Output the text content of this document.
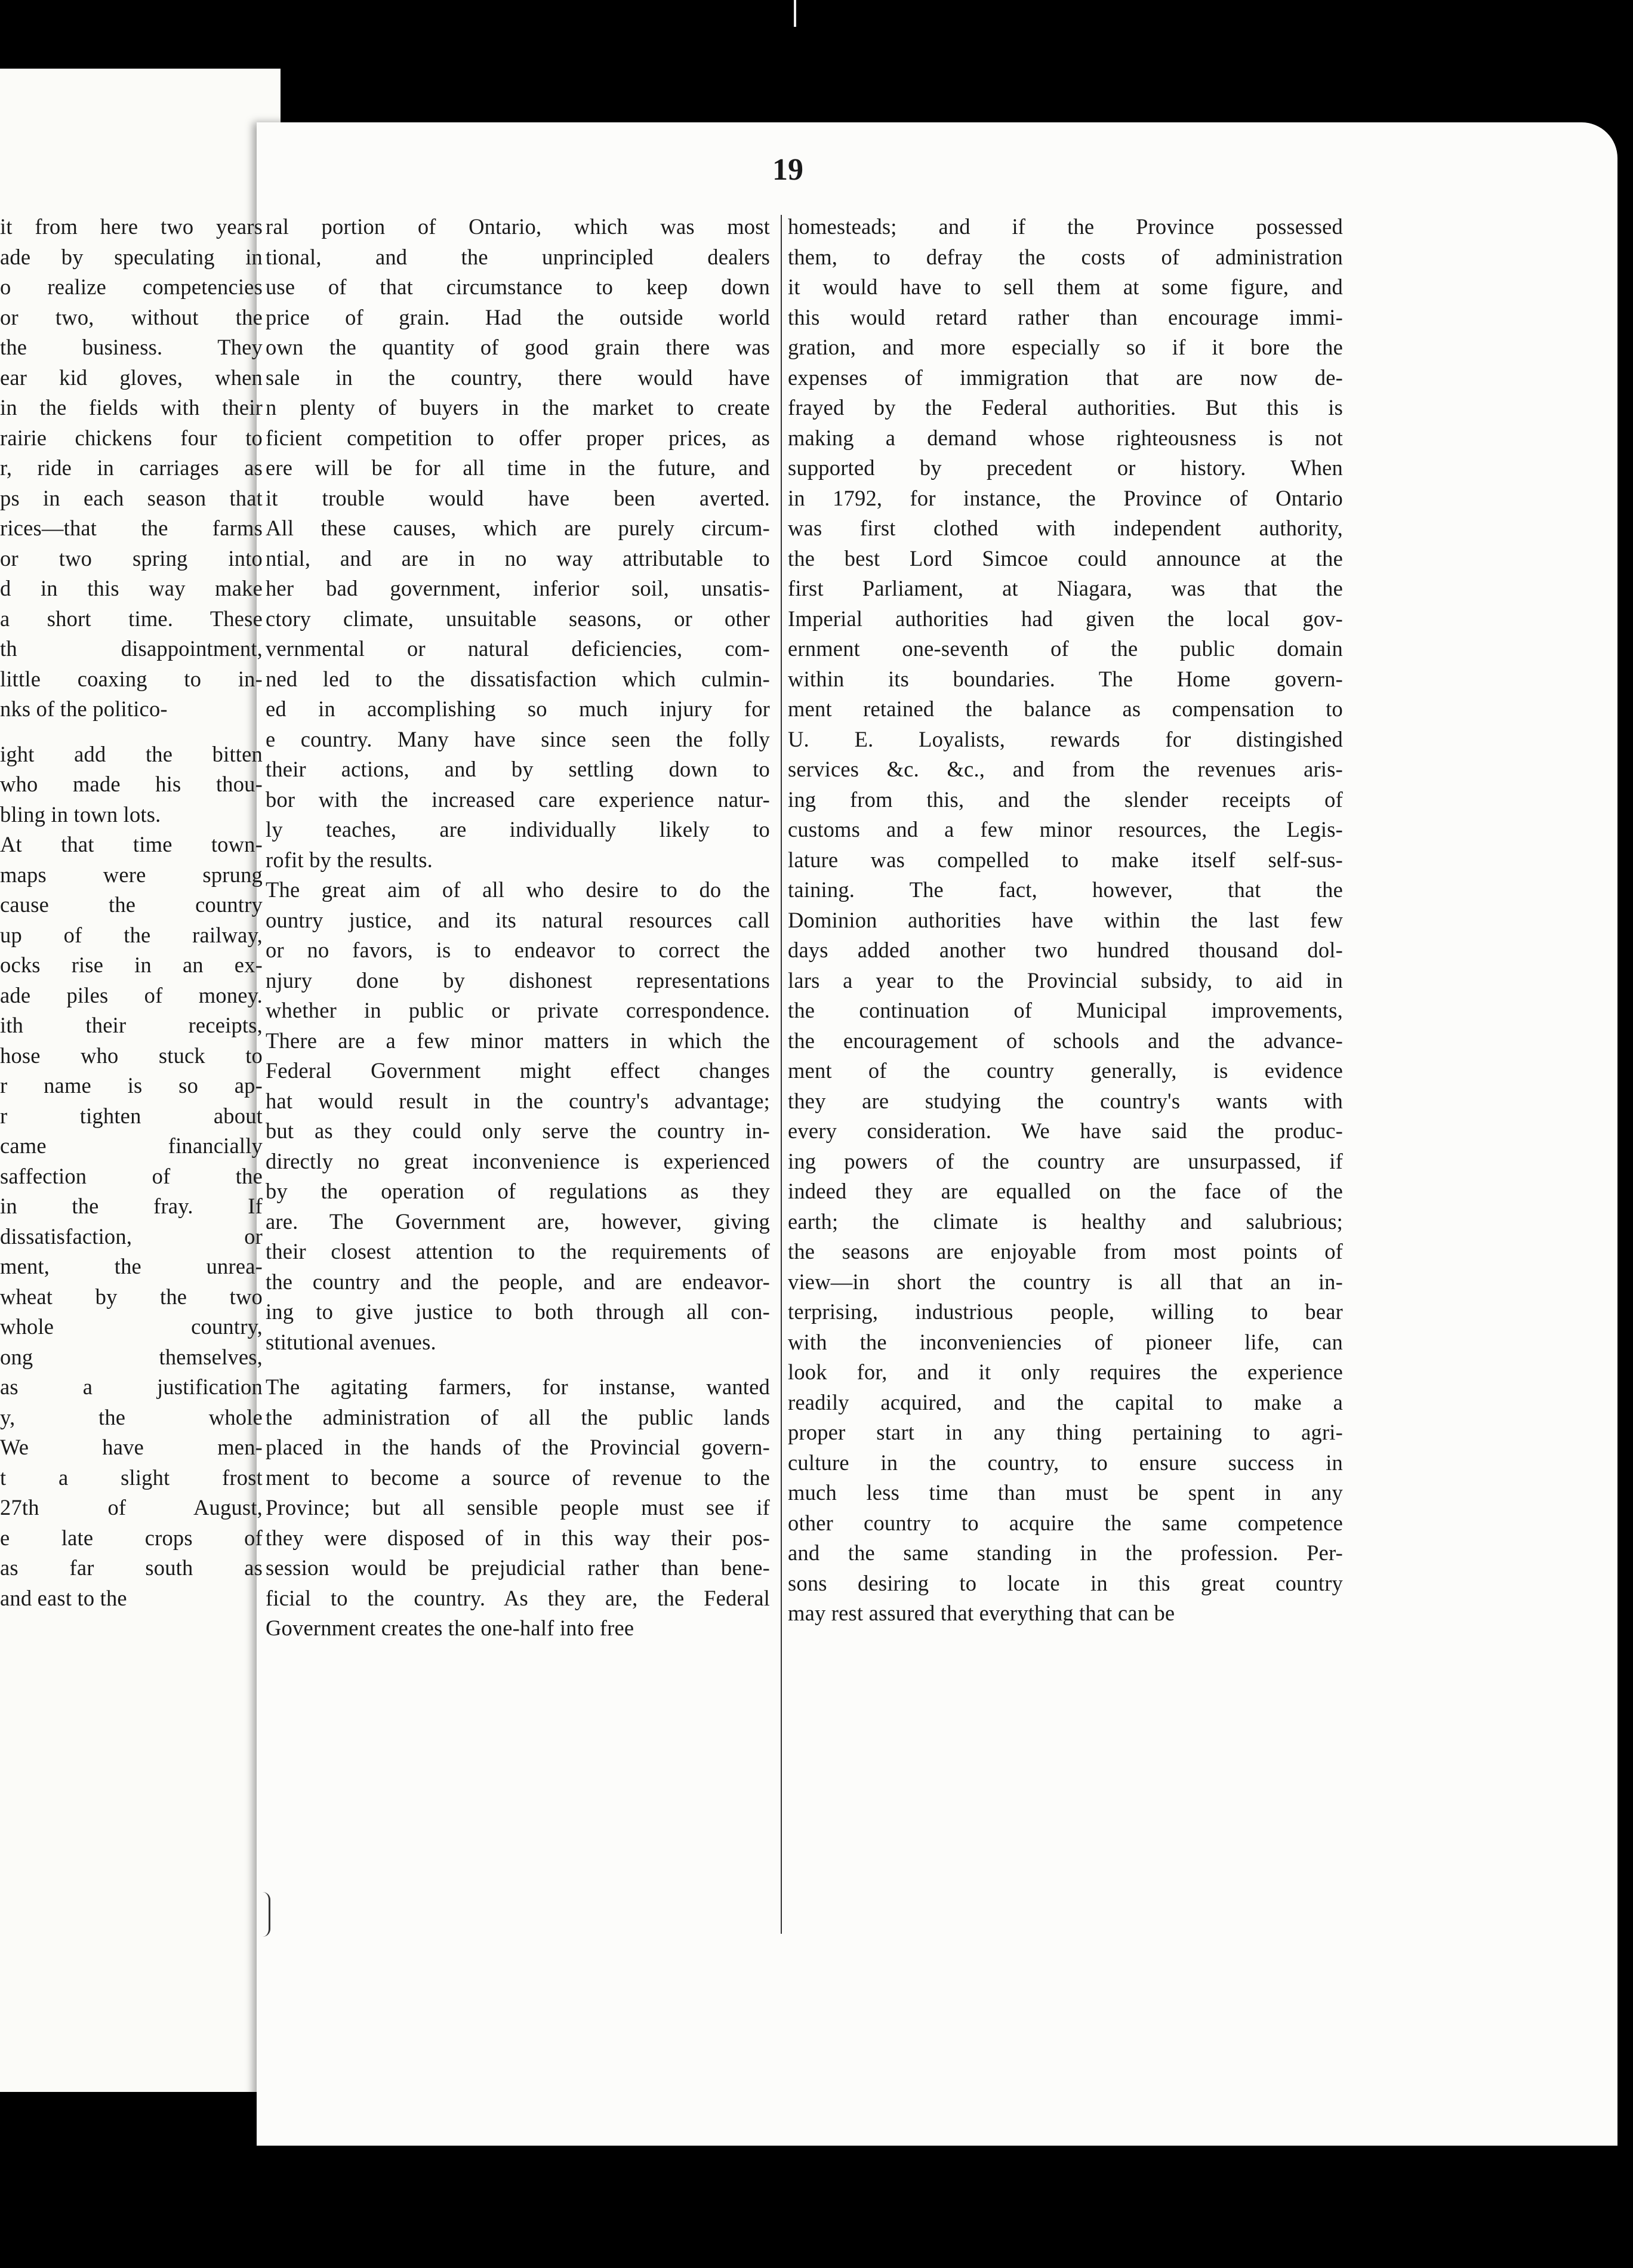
19
it from here two years
ade by speculating in
o realize competencies
or two, without the
the business. They
ear kid gloves, when
in the fields with their
rairie chickens four to
r, ride in carriages as
ps in each season that
rices—that the farms
or two spring into
d in this way make
a short time. These
th disappointment,
little coaxing to in-
nks of the politico-
ight add the bitten
who made his thou-
bling in town lots.
At that time town-
maps were sprung
cause the country
up of the railway,
ocks rise in an ex-
ade piles of money.
ith their receipts,
hose who stuck to
r name is so ap-
r tighten about
came financially
saffection of the
in the fray. If
dissatisfaction, or
ment, the unrea-
wheat by the two
whole country,
ong themselves,
as a justification
y, the whole
We have men-
t a slight frost
27th of August,
e late crops of
as far south as
and east to the
ral portion of Ontario, which was most
tional, and the unprincipled dealers
use of that circumstance to keep down
price of grain. Had the outside world
own the quantity of good grain there was
sale in the country, there would have
n plenty of buyers in the market to create
ficient competition to offer proper prices, as
ere will be for all time in the future, and
it trouble would have been averted.
All these causes, which are purely circum-
ntial, and are in no way attributable to
her bad government, inferior soil, unsatis-
ctory climate, unsuitable seasons, or other
vernmental or natural deficiencies, com-
ned led to the dissatisfaction which culmin-
ed in accomplishing so much injury for
e country. Many have since seen the folly
their actions, and by settling down to
bor with the increased care experience natur-
ly teaches, are individually likely to
rofit by the results.
The great aim of all who desire to do the
ountry justice, and its natural resources call
or no favors, is to endeavor to correct the
njury done by dishonest representations
whether in public or private correspondence.
There are a few minor matters in which the
Federal Government might effect changes
hat would result in the country's advantage;
but as they could only serve the country in-
directly no great inconvenience is experienced
by the operation of regulations as they
are. The Government are, however, giving
their closest attention to the requirements of
the country and the people, and are endeavor-
ing to give justice to both through all con-
stitutional avenues.
The agitating farmers, for instanse, wanted
the administration of all the public lands
placed in the hands of the Provincial govern-
ment to become a source of revenue to the
Province; but all sensible people must see if
they were disposed of in this way their pos-
session would be prejudicial rather than bene-
ficial to the country. As they are, the Federal
Government creates the one-half into free
homesteads; and if the Province possessed
them, to defray the costs of administration
it would have to sell them at some figure, and
this would retard rather than encourage immi-
gration, and more especially so if it bore the
expenses of immigration that are now de-
frayed by the Federal authorities. But this is
making a demand whose righteousness is not
supported by precedent or history. When
in 1792, for instance, the Province of Ontario
was first clothed with independent authority,
the best Lord Simcoe could announce at the
first Parliament, at Niagara, was that the
Imperial authorities had given the local gov-
ernment one-seventh of the public domain
within its boundaries. The Home govern-
ment retained the balance as compensation to
U. E. Loyalists, rewards for distingished
services &c. &c., and from the revenues aris-
ing from this, and the slender receipts of
customs and a few minor resources, the Legis-
lature was compelled to make itself self-sus-
taining. The fact, however, that the
Dominion authorities have within the last few
days added another two hundred thousand dol-
lars a year to the Provincial subsidy, to aid in
the continuation of Municipal improvements,
the encouragement of schools and the advance-
ment of the country generally, is evidence
they are studying the country's wants with
every consideration. We have said the produc-
ing powers of the country are unsurpassed, if
indeed they are equalled on the face of the
earth; the climate is healthy and salubrious;
the seasons are enjoyable from most points of
view—in short the country is all that an in-
terprising, industrious people, willing to bear
with the inconveniencies of pioneer life, can
look for, and it only requires the experience
readily acquired, and the capital to make a
proper start in any thing pertaining to agri-
culture in the country, to ensure success in
much less time than must be spent in any
other country to acquire the same competence
and the same standing in the profession. Per-
sons desiring to locate in this great country
may rest assured that everything that can be
